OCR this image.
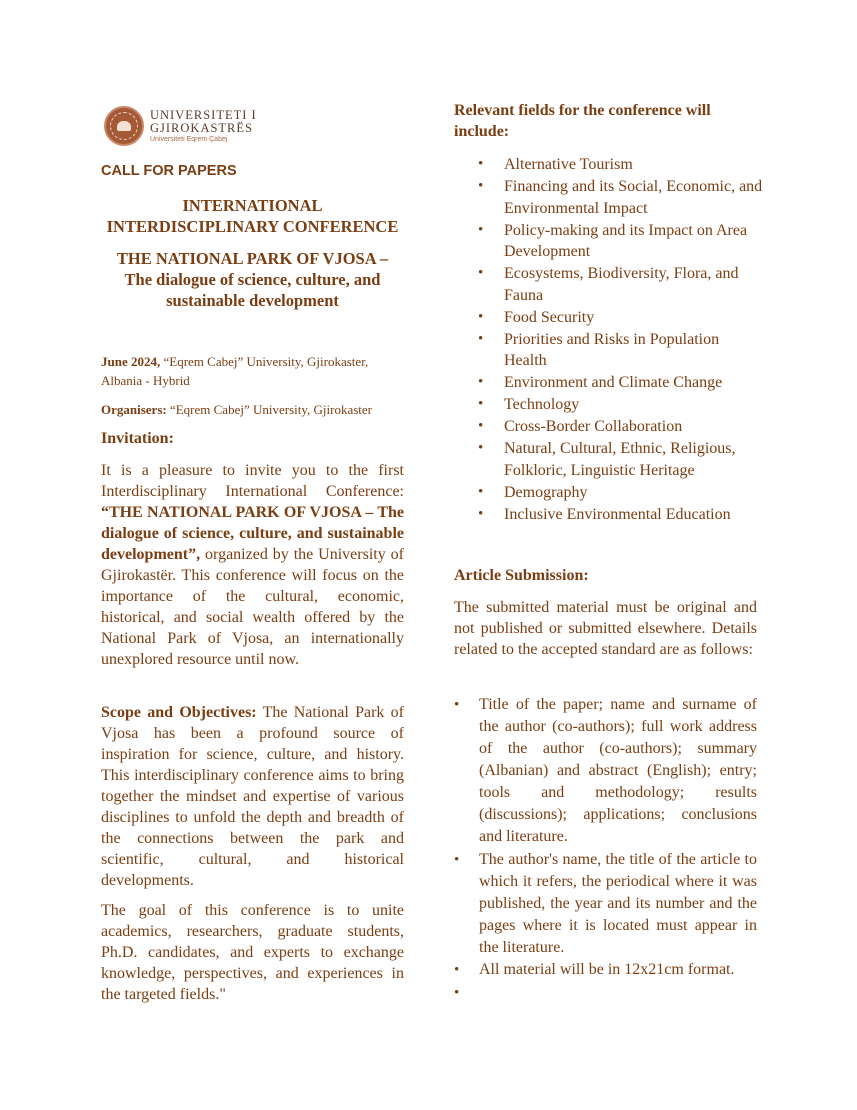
UNIVERSITETI I
GJIROKASTRËS
Universiteti Eqrem Çabej
CALL FOR PAPERS
INTERNATIONAL
INTERDISCIPLINARY CONFERENCE
THE NATIONAL PARK OF VJOSA –
The dialogue of science, culture, and
sustainable development
June 2024, “Eqrem Cabej” University, Gjirokaster, Albania - Hybrid
Organisers: “Eqrem Cabej” University, Gjirokaster
Invitation:
It is a pleasure to invite you to the first Interdisciplinary International Conference: “THE NATIONAL PARK OF VJOSA – The dialogue of science, culture, and sustainable development”, organized by the University of Gjirokastër. This conference will focus on the importance of the cultural, economic, historical, and social wealth offered by the National Park of Vjosa, an internationally unexplored resource until now.
Scope and Objectives: The National Park of Vjosa has been a profound source of inspiration for science, culture, and history. This interdisciplinary conference aims to bring together the mindset and expertise of various disciplines to unfold the depth and breadth of the connections between the park and scientific, cultural, and historical developments.
The goal of this conference is to unite academics, researchers, graduate students, Ph.D. candidates, and experts to exchange knowledge, perspectives, and experiences in the targeted fields."
Relevant fields for the conference will include:
• Alternative Tourism
• Financing and its Social, Economic, and Environmental Impact
• Policy-making and its Impact on Area Development
• Ecosystems, Biodiversity, Flora, and Fauna
• Food Security
• Priorities and Risks in Population Health
• Environment and Climate Change
• Technology
• Cross-Border Collaboration
• Natural, Cultural, Ethnic, Religious, Folkloric, Linguistic Heritage
• Demography
• Inclusive Environmental Education
Article Submission:
The submitted material must be original and not published or submitted elsewhere. Details related to the accepted standard are as follows:
• Title of the paper; name and surname of the author (co-authors); full work address of the author (co-authors); summary (Albanian) and abstract (English); entry; tools and methodology; results (discussions); applications; conclusions and literature.
• The author's name, the title of the article to which it refers, the periodical where it was published, the year and its number and the pages where it is located must appear in the literature.
• All material will be in 12x21cm format.
•
